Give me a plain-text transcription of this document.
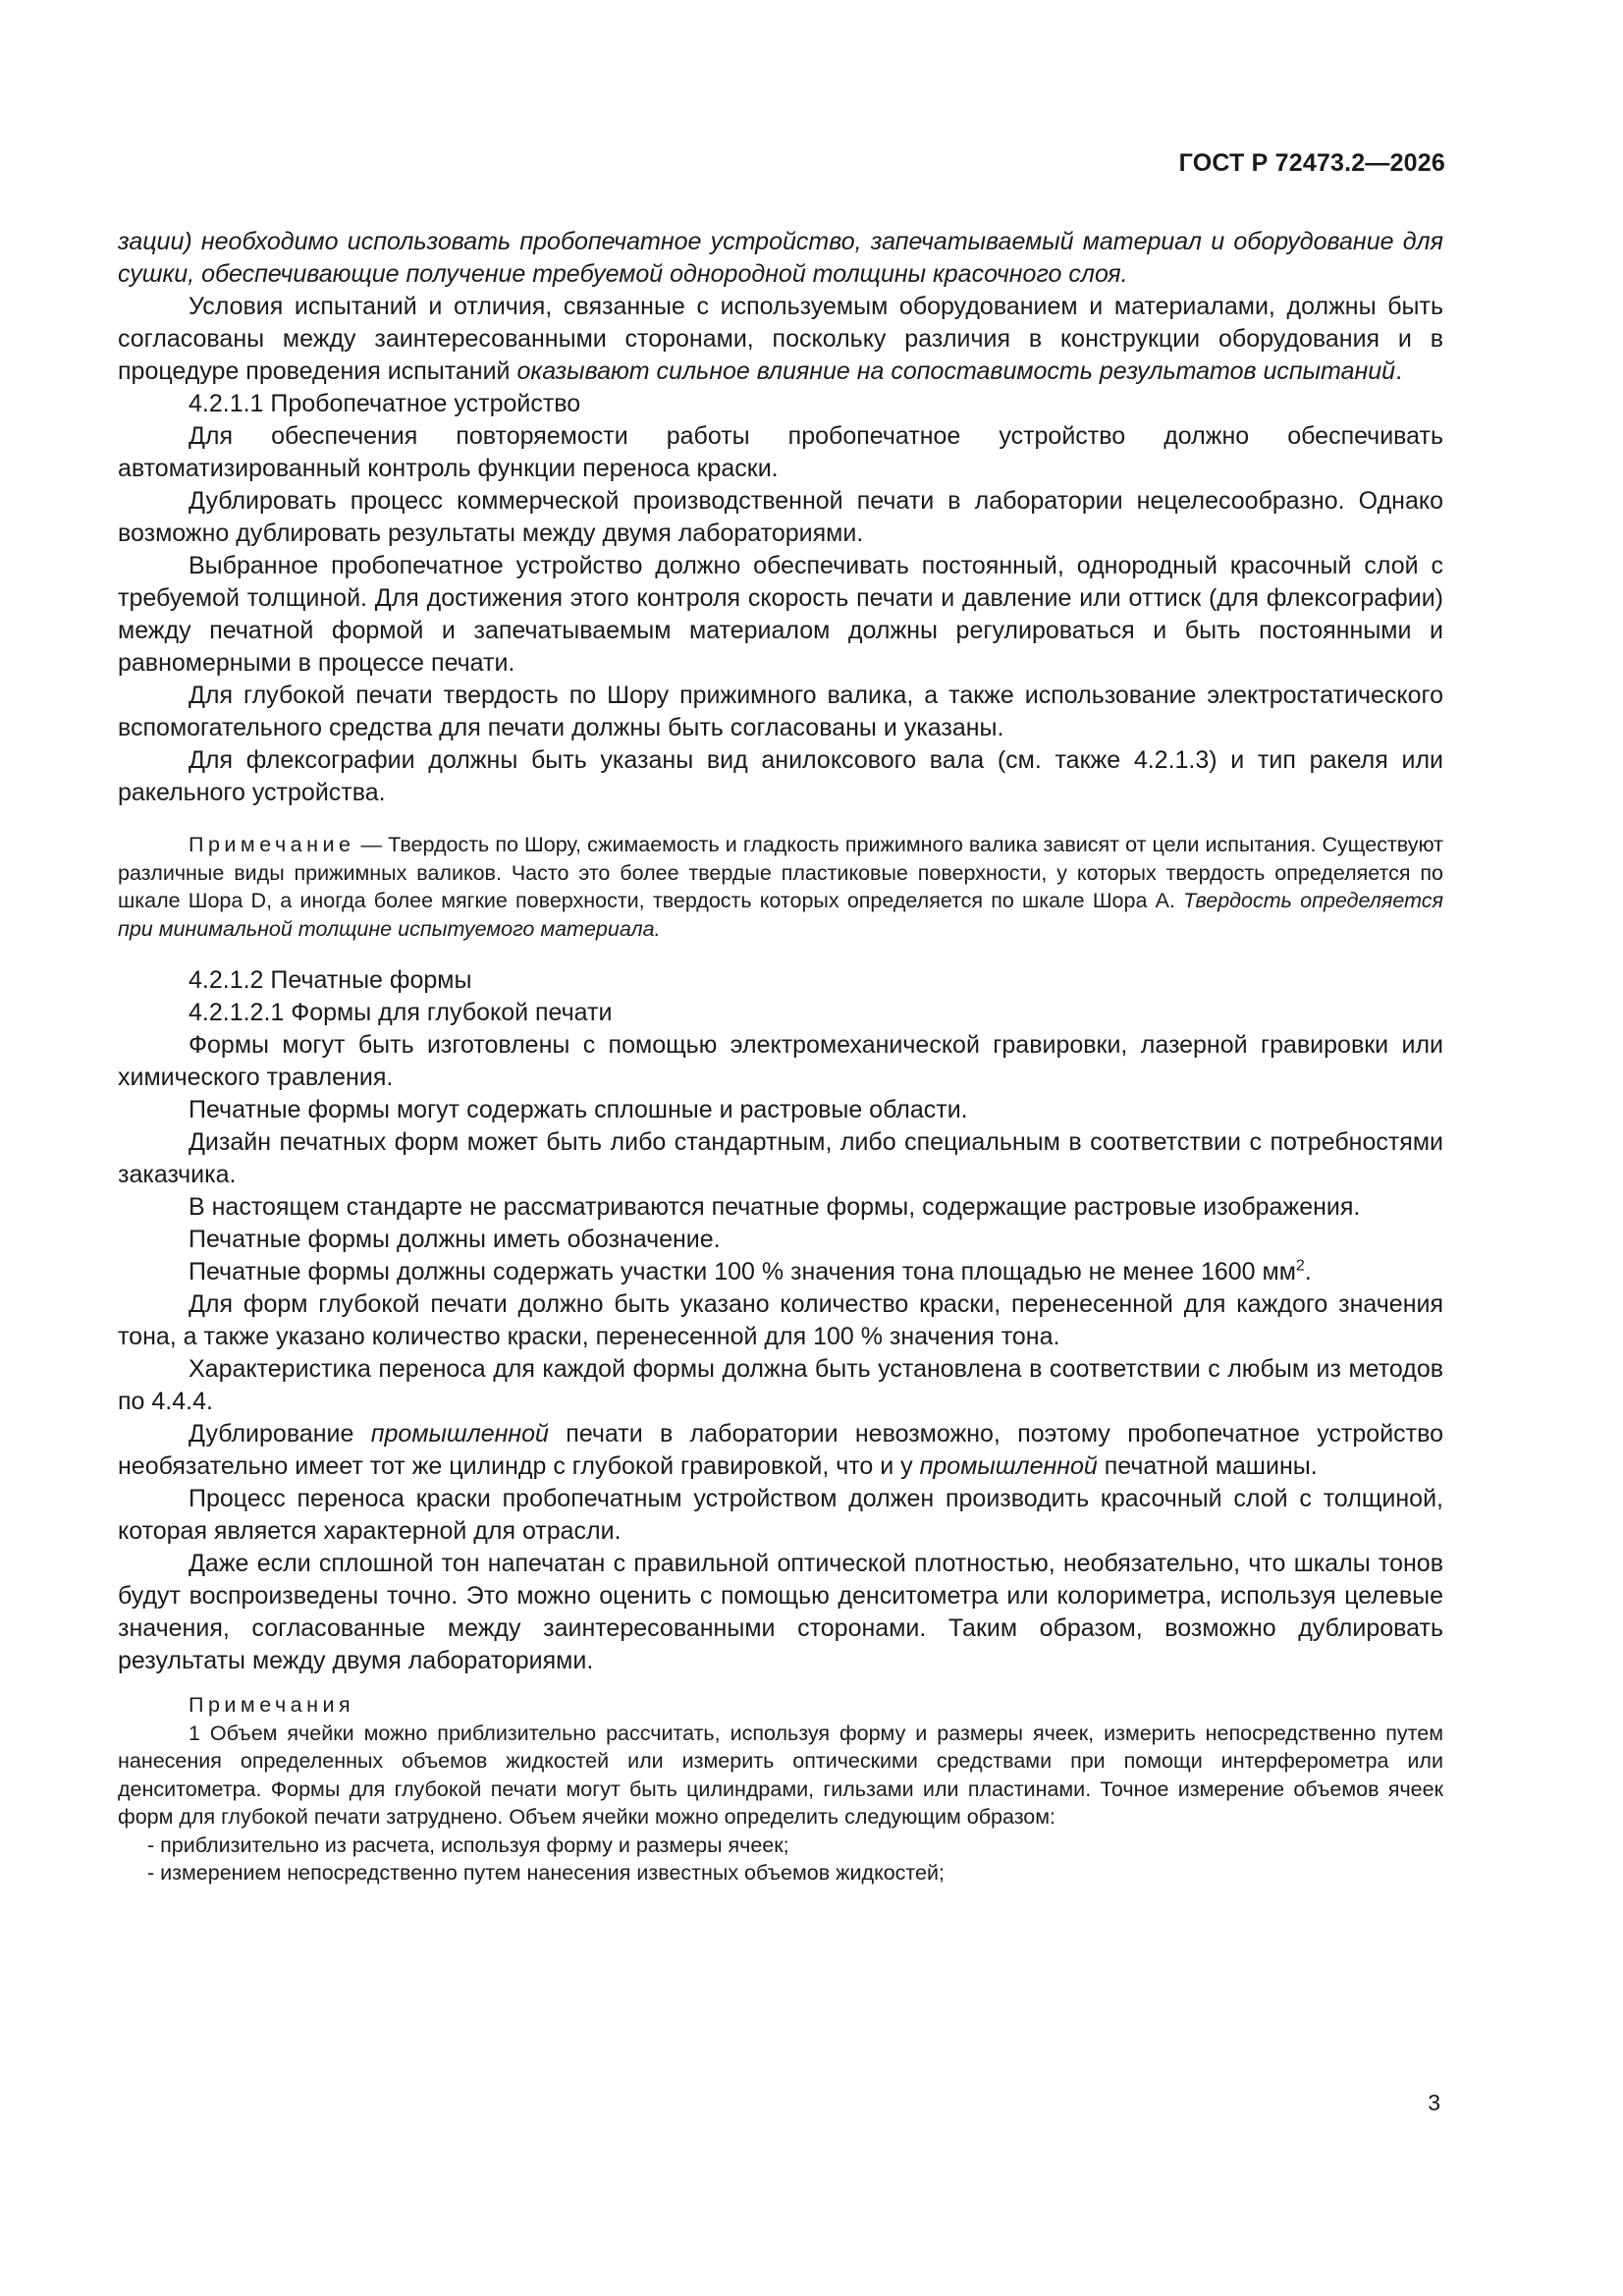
ГОСТ Р 72473.2—2026

зации) необходимо использовать пробопечатное устройство, запечатываемый материал и оборудование для сушки, обеспечивающие получение требуемой однородной толщины красочного слоя.

Условия испытаний и отличия, связанные с используемым оборудованием и материалами, должны быть согласованы между заинтересованными сторонами, поскольку различия в конструкции оборудования и в процедуре проведения испытаний оказывают сильное влияние на сопоставимость результатов испытаний.

4.2.1.1 Пробопечатное устройство

Для обеспечения повторяемости работы пробопечатное устройство должно обеспечивать автоматизированный контроль функции переноса краски.

Дублировать процесс коммерческой производственной печати в лаборатории нецелесообразно. Однако возможно дублировать результаты между двумя лабораториями.

Выбранное пробопечатное устройство должно обеспечивать постоянный, однородный красочный слой с требуемой толщиной. Для достижения этого контроля скорость печати и давление или оттиск (для флексографии) между печатной формой и запечатываемым материалом должны регулироваться и быть постоянными и равномерными в процессе печати.

Для глубокой печати твердость по Шору прижимного валика, а также использование электростатического вспомогательного средства для печати должны быть согласованы и указаны.

Для флексографии должны быть указаны вид анилоксового вала (см. также 4.2.1.3) и тип ракеля или ракельного устройства.

Примечание — Твердость по Шору, сжимаемость и гладкость прижимного валика зависят от цели испытания. Существуют различные виды прижимных валиков. Часто это более твердые пластиковые поверхности, у которых твердость определяется по шкале Шора D, а иногда более мягкие поверхности, твердость которых определяется по шкале Шора A. Твердость определяется при минимальной толщине испытуемого материала.

4.2.1.2 Печатные формы

4.2.1.2.1 Формы для глубокой печати

Формы могут быть изготовлены с помощью электромеханической гравировки, лазерной гравировки или химического травления.

Печатные формы могут содержать сплошные и растровые области.

Дизайн печатных форм может быть либо стандартным, либо специальным в соответствии с потребностями заказчика.

В настоящем стандарте не рассматриваются печатные формы, содержащие растровые изображения.

Печатные формы должны иметь обозначение.

Печатные формы должны содержать участки 100 % значения тона площадью не менее 1600 $мм^2$.

Для форм глубокой печати должно быть указано количество краски, перенесенной для каждого значения тона, а также указано количество краски, перенесенной для 100 % значения тона.

Характеристика переноса для каждой формы должна быть установлена в соответствии с любым из методов по 4.4.4.

Дублирование промышленной печати в лаборатории невозможно, поэтому пробопечатное устройство необязательно имеет тот же цилиндр с глубокой гравировкой, что и у промышленной печатной машины.

Процесс переноса краски пробопечатным устройством должен производить красочный слой с толщиной, которая является характерной для отрасли.

Даже если сплошной тон напечатан с правильной оптической плотностью, необязательно, что шкалы тонов будут воспроизведены точно. Это можно оценить с помощью денситометра или колориметра, используя целевые значения, согласованные между заинтересованными сторонами. Таким образом, возможно дублировать результаты между двумя лабораториями.

Примечания

1 Объем ячейки можно приблизительно рассчитать, используя форму и размеры ячеек, измерить непосредственно путем нанесения определенных объемов жидкостей или измерить оптическими средствами при помощи интерферометра или денситометра. Формы для глубокой печати могут быть цилиндрами, гильзами или пластинами. Точное измерение объемов ячеек форм для глубокой печати затруднено. Объем ячейки можно определить следующим образом:

- приблизительно из расчета, используя форму и размеры ячеек;

- измерением непосредственно путем нанесения известных объемов жидкостей;

3
